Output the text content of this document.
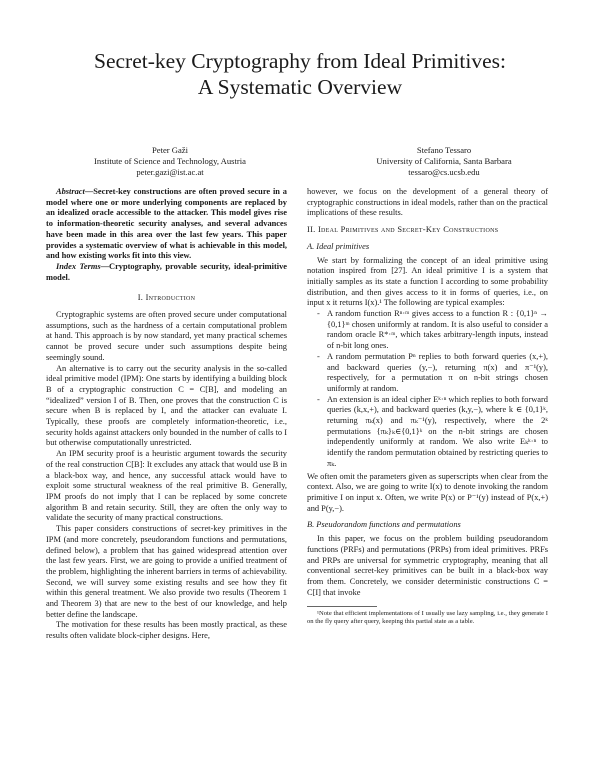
Secret-key Cryptography from Ideal Primitives:
A Systematic Overview
Peter Gaži
Institute of Science and Technology, Austria
peter.gazi@ist.ac.at
Stefano Tessaro
University of California, Santa Barbara
tessaro@cs.ucsb.edu

Abstract—Secret-key constructions are often proved secure in a model where one or more underlying components are replaced by an idealized oracle accessible to the attacker. This model gives rise to information-theoretic security analyses, and several advances have been made in this area over the last few years. This paper provides a systematic overview of what is achievable in this model, and how existing works fit into this view.

Index Terms—Cryptography, provable security, ideal-primitive model.

I. Introduction

Cryptographic systems are often proved secure under computational assumptions, such as the hardness of a certain computational problem at hand. This approach is by now standard, yet many practical schemes cannot be proved secure under such assumptions despite being seemingly sound.

An alternative is to carry out the security analysis in the so-called ideal primitive model (IPM): One starts by identifying a building block B of a cryptographic construction C = C[B], and modeling an “idealized” version I of B. Then, one proves that the construction C is secure when B is replaced by I, and the attacker can evaluate I. Typically, these proofs are completely information-theoretic, i.e., security holds against attackers only bounded in the number of calls to I but otherwise computationally unrestricted.

An IPM security proof is a heuristic argument towards the security of the real construction C[B]: It excludes any attack that would use B in a black-box way, and hence, any successful attack would have to exploit some structural weakness of the real primitive B. Generally, IPM proofs do not imply that I can be replaced by some concrete algorithm B and retain security. Still, they are often the only way to validate the security of many practical constructions.

This paper considers constructions of secret-key primitives in the IPM (and more concretely, pseudorandom functions and permutations, defined below), a problem that has gained widespread attention over the last few years. First, we are going to provide a unified treatment of the problem, highlighting the inherent barriers in terms of achievability. Second, we will survey some existing results and see how they fit within this general treatment. We also provide two results (Theorem 1 and Theorem 3) that are new to the best of our knowledge, and help better define the landscape.

The motivation for these results has been mostly practical, as these results often validate block-cipher designs. Here,

however, we focus on the development of a general theory of cryptographic constructions in ideal models, rather than on the practical implications of these results.

II. Ideal Primitives and Secret-Key Constructions
A. Ideal primitives

We start by formalizing the concept of an ideal primitive using notation inspired from [27]. An ideal primitive I is a system that initially samples as its state a function I according to some probability distribution, and then gives access to it in forms of queries, i.e., on input x it returns I(x).¹ The following are typical examples:

- A random function Rⁿ·ᵐ gives access to a function R : {0,1}ⁿ → {0,1}ᵐ chosen uniformly at random. It is also useful to consider a random oracle R*·ᵐ, which takes arbitrary-length inputs, instead of n-bit long ones.
- A random permutation Pⁿ replies to both forward queries (x,+), and backward queries (y,−), returning π(x) and π⁻¹(y), respectively, for a permutation π on n-bit strings chosen uniformly at random.
- An extension is an ideal cipher Eᵏ·ⁿ which replies to both forward queries (k,x,+), and backward queries (k,y,−), where k ∈ {0,1}ᵏ, returning πₖ(x) and πₖ⁻¹(y), respectively, where the 2ᵏ permutations {πₖ}ₖ∈{0,1}ᵏ on the n-bit strings are chosen independently uniformly at random. We also write Eₖᵏ·ⁿ to identify the random permutation obtained by restricting queries to πₖ.

We often omit the parameters given as superscripts when clear from the context. Also, we are going to write I(x) to denote invoking the random primitive I on input x. Often, we write P(x) or P⁻¹(y) instead of P(x,+) and P(y,−).

B. Pseudorandom functions and permutations

In this paper, we focus on the problem building pseudorandom functions (PRFs) and permutations (PRPs) from ideal primitives. PRFs and PRPs are universal for symmetric cryptography, meaning that all conventional secret-key primitives can be built in a black-box way from them. Concretely, we consider deterministic constructions C = C[I] that invoke

¹Note that efficient implementations of I usually use lazy sampling, i.e., they generate I on the fly query after query, keeping this partial state as a table.
